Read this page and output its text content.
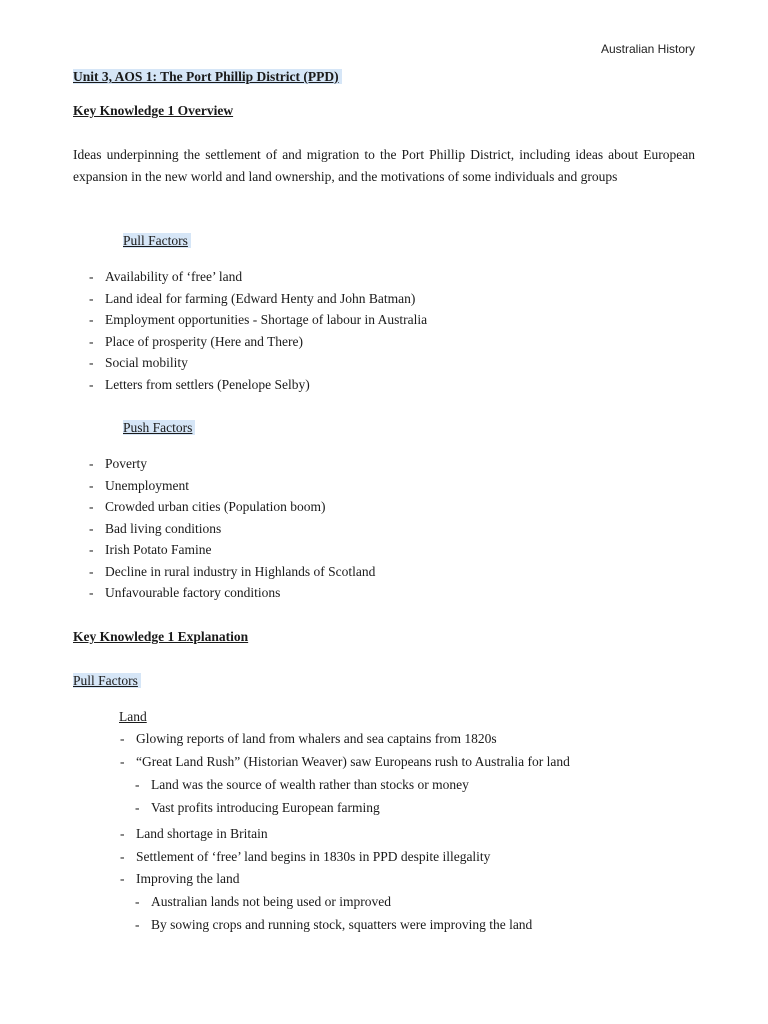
Australian History
Unit 3, AOS 1: The Port Phillip District (PPD)
Key Knowledge 1 Overview
Ideas underpinning the settlement of and migration to the Port Phillip District, including ideas about European expansion in the new world and land ownership, and the motivations of some individuals and groups
Pull Factors
- Availability of ‘free’ land
- Land ideal for farming (Edward Henty and John Batman)
- Employment opportunities - Shortage of labour in Australia
- Place of prosperity (Here and There)
- Social mobility
- Letters from settlers (Penelope Selby)
Push Factors
- Poverty
- Unemployment
- Crowded urban cities (Population boom)
- Bad living conditions
- Irish Potato Famine
- Decline in rural industry in Highlands of Scotland
- Unfavourable factory conditions
Key Knowledge 1 Explanation
Pull Factors
Land
- Glowing reports of land from whalers and sea captains from 1820s
- “Great Land Rush” (Historian Weaver) saw Europeans rush to Australia for land
- Land was the source of wealth rather than stocks or money
- Vast profits introducing European farming
- Land shortage in Britain
- Settlement of ‘free’ land begins in 1830s in PPD despite illegality
- Improving the land
- Australian lands not being used or improved
- By sowing crops and running stock, squatters were improving the land
